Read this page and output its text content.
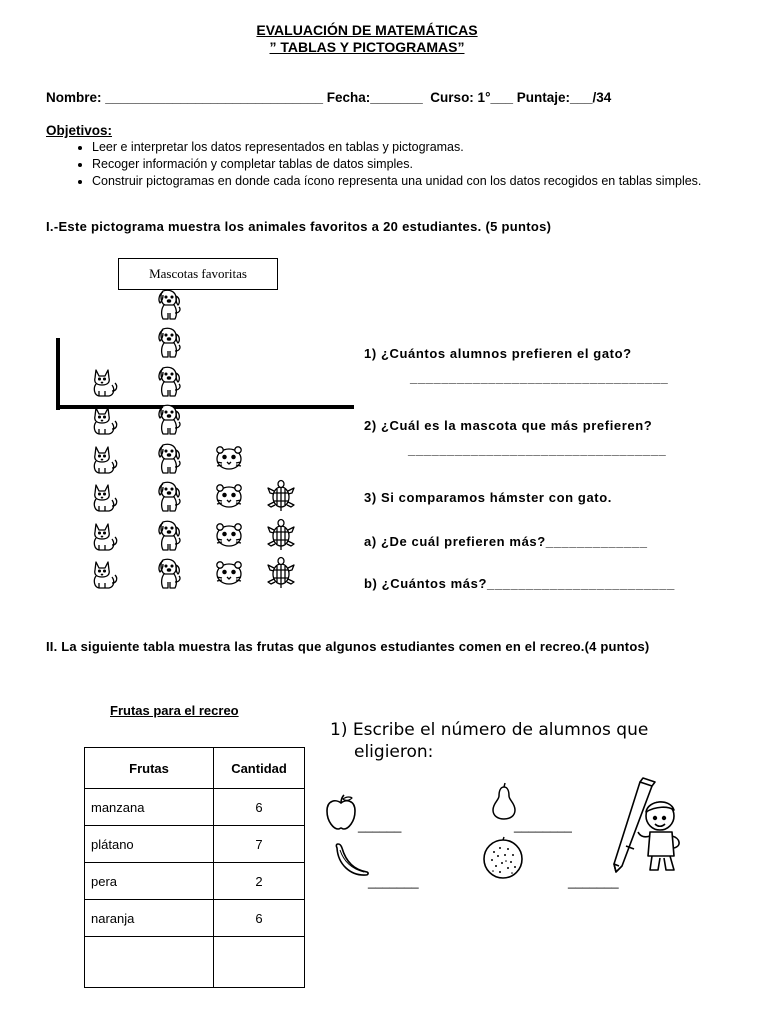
EVALUACIÓN DE MATEMÁTICAS
” TABLAS Y PICTOGRAMAS”
Nombre: _____________________________ Fecha:_______  Curso: 1°___ Puntaje:___/34
Objetivos:
• Leer e interpretar los datos representados en tablas y pictogramas.
• Recoger información y completar tablas de datos simples.
• Construir pictogramas en donde cada ícono representa una unidad con los datos recogidos en tablas simples.
I.-Este pictograma muestra los animales favoritos a 20 estudiantes. (5 puntos)
Mascotas favoritas
1) ¿Cuántos alumnos prefieren el gato?
_________________________________
2) ¿Cuál es la mascota que más prefieren?
_________________________________
3) Si comparamos hámster con gato.
a) ¿De cuál prefieren más?_____________
b) ¿Cuántos más?________________________
II. La siguiente tabla muestra las frutas que algunos estudiantes comen en el recreo.(4 puntos)
Frutas para el recreo
Frutas	Cantidad
manzana	6
plátano	7
pera	2
naranja	6

1) Escribe el número de alumnos que
eligieron:
______	________
_______	_______
